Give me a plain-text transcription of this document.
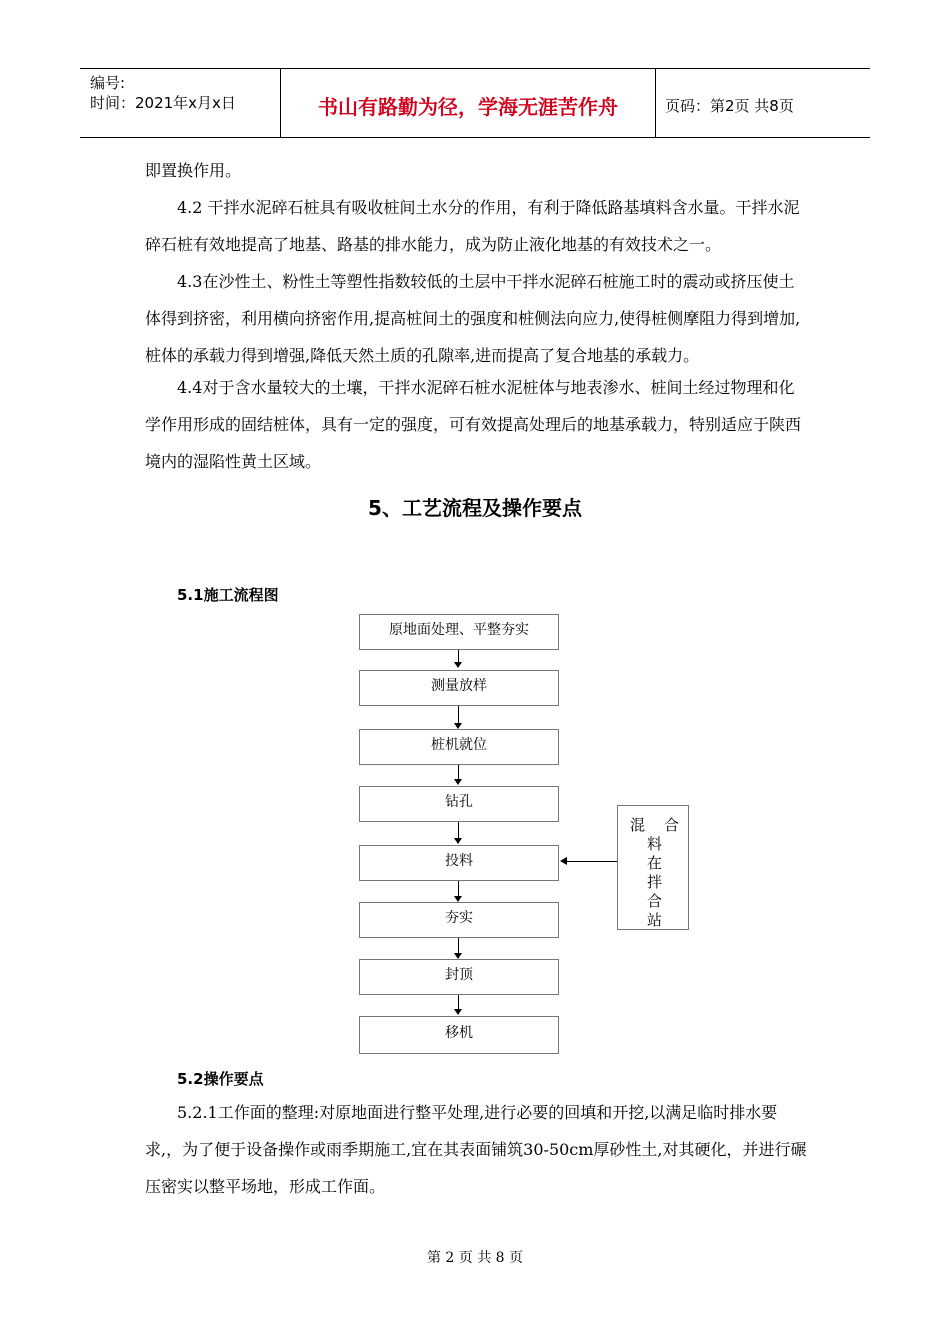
编号:
时间：2021年x月x日	书山有路勤为径，学海无涯苦作舟	页码：第2页 共8页

即置换作用。

4.2 干拌水泥碎石桩具有吸收桩间土水分的作用，有利于降低路基填料含水量。干拌水泥碎石桩有效地提高了地基、路基的排水能力，成为防止液化地基的有效技术之一。

4.3在沙性土、粉性土等塑性指数较低的土层中干拌水泥碎石桩施工时的震动或挤压使土体得到挤密，利用横向挤密作用,提高桩间土的强度和桩侧法向应力,使得桩侧摩阻力得到增加,桩体的承载力得到增强,降低天然土质的孔隙率,进而提高了复合地基的承载力。

4.4对于含水量较大的土壤，干拌水泥碎石桩水泥桩体与地表渗水、桩间土经过物理和化学作用形成的固结桩体，具有一定的强度，可有效提高处理后的地基承载力，特别适应于陕西境内的湿陷性黄土区域。

5、工艺流程及操作要点
5.1施工流程图
原地面处理、平整夯实
测量放样
桩机就位
钻孔
投料
夯实
封顶
移机
混 合
料
在
拌
合
站
5.2操作要点

5.2.1工作面的整理:对原地面进行整平处理,进行必要的回填和开挖,以满足临时排水要求,，为了便于设备操作或雨季期施工,宜在其表面铺筑30-50cm厚砂性土,对其硬化，并进行碾压密实以整平场地，形成工作面。

第 2 页 共 8 页
